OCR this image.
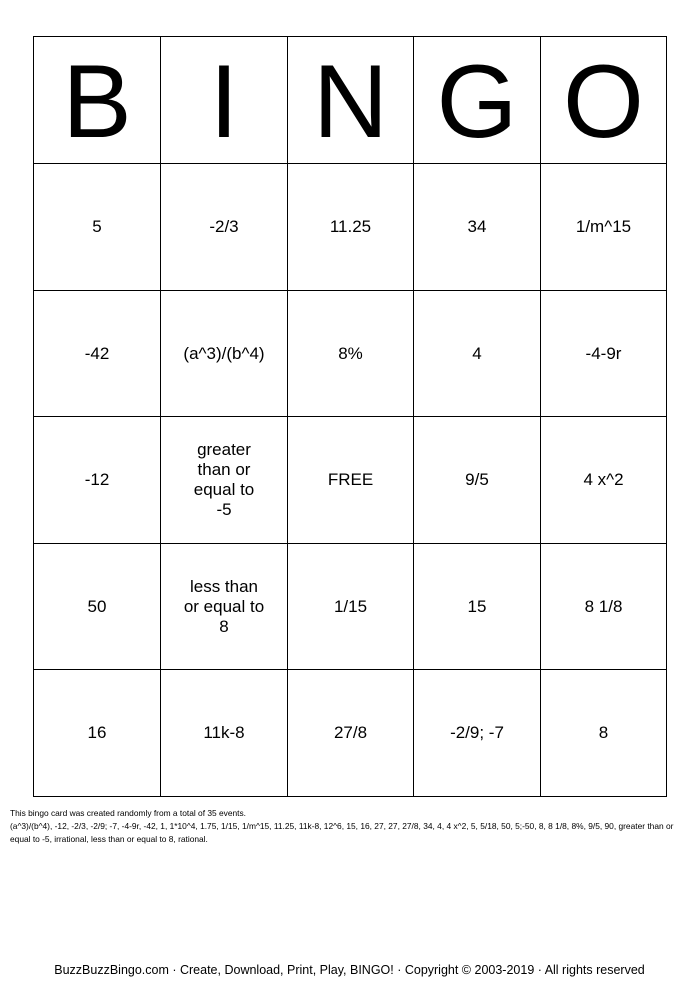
B	I	N	G	O
5	-2/3	11.25	34	1/m^15
-42	(a^3)/(b^4)	8%	4	-4-9r
-12	greater than or equal to -5	FREE	9/5	4 x^2
50	less than or equal to 8	1/15	15	8 1/8
16	11k-8	27/8	-2/9; -7	8

This bingo card was created randomly from a total of 35 events.

(a^3)/(b^4), -12, -2/3, -2/9; -7, -4-9r, -42, 1, 1*10^4, 1.75, 1/15, 1/m^15, 11.25, 11k-8, 12^6, 15, 16, 27, 27, 27/8, 34, 4, 4 x^2, 5, 5/18, 50, 5;-50, 8, 8 1/8, 8%, 9/5, 90, greater than or equal to -5, irrational, less than or equal to 8, rational.

BuzzBuzzBingo.com · Create, Download, Print, Play, BINGO! · Copyright © 2003-2019 · All rights reserved
